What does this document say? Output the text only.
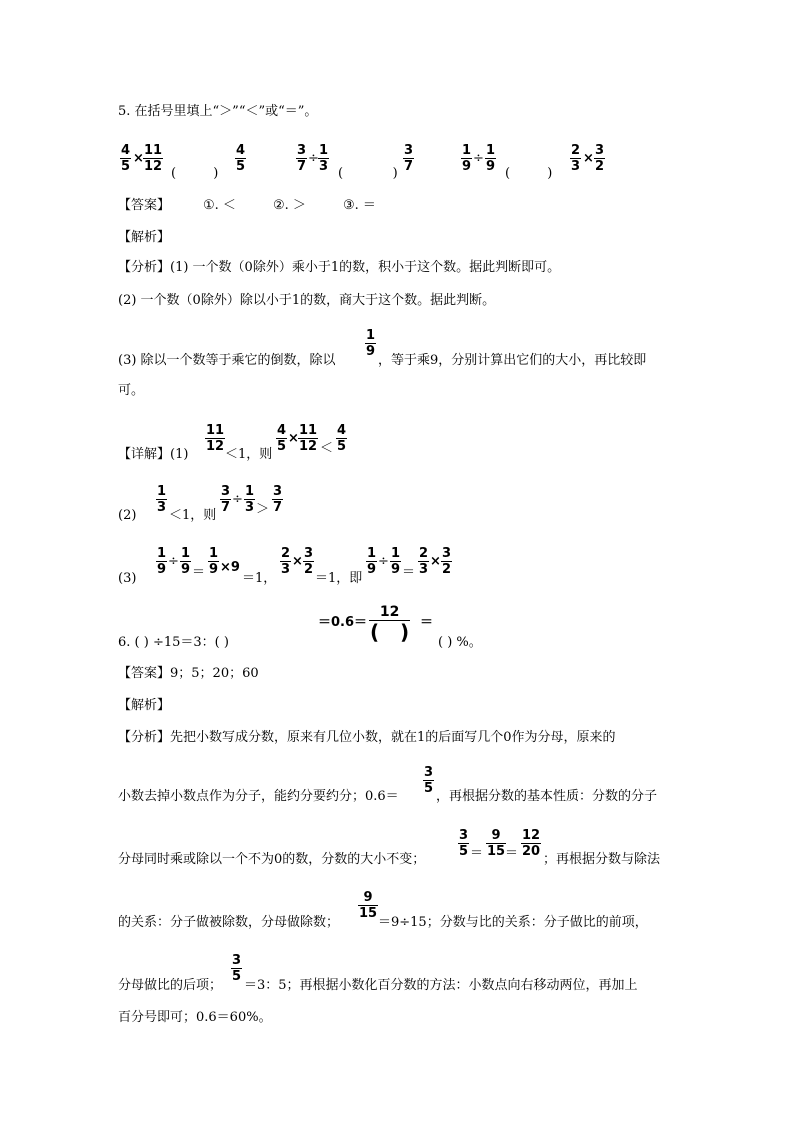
5. 在括号里填上“＞”“＜”或“＝”。
4
5
×
11
12 (         )
4
5
3
7
÷
1
3 (            )
3
7
1
9
÷
1
9 (         )
2
3
×
3
2
【答案】	①. ＜	②. ＞	③. ＝
【解析】
【分析】(1) 一个数（0除外）乘小于1的数，积小于这个数。据此判断即可。
(2) 一个数（0除外）除以小于1的数，商大于这个数。据此判断。
(3) 除以一个数等于乘它的倒数，除以
1
9
，等于乘9，分别计算出它们的大小，再比较即
可。
【详解】(1)
11
12
＜1，则
4
5
×
11
12 ＜
4
5
(2)
1
3
＜1，则
3
7
÷
1
3 ＞
3
7
(3)
1
9
÷
1
9 ＝
1
9 ×9
＝1，
2
3
×
3
2
＝1，即
1
9
÷
1
9 ＝
2
3
×
3
2
6. ( ) ÷15＝3：( )
＝0.6＝
12
(   ) ＝
( ) %。
【答案】9；5；20；60
【解析】
【分析】先把小数写成分数，原来有几位小数，就在1的后面写几个0作为分母，原来的
小数去掉小数点作为分子，能约分要约分；0.6＝
3
5
，再根据分数的基本性质：分数的分子
分母同时乘或除以一个不为0的数，分数的大小不变；
3
5 ＝
9
15 ＝
12
20
；再根据分数与除法
的关系：分子做被除数，分母做除数；
9
15
＝9÷15；分数与比的关系：分子做比的前项，
分母做比的后项；
3
5
＝3：5；再根据小数化百分数的方法：小数点向右移动两位，再加上
百分号即可；0.6＝60%。
